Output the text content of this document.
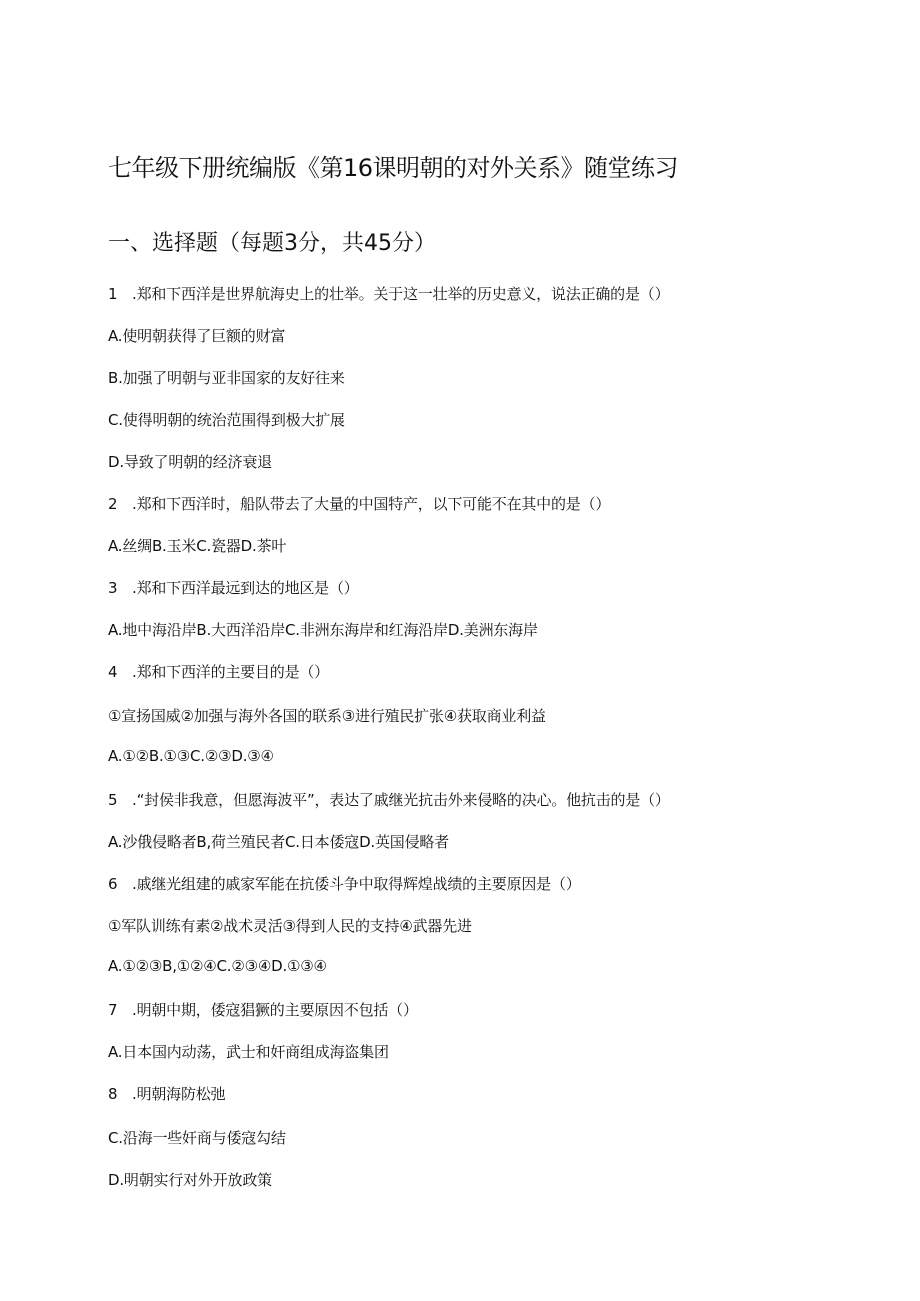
七年级下册统编版《第16课明朝的对外关系》随堂练习
一、选择题（每题3分，共45分）
1 .郑和下西洋是世界航海史上的壮举。关于这一壮举的历史意义，说法正确的是（）
A.使明朝获得了巨额的财富
B.加强了明朝与亚非国家的友好往来
C.使得明朝的统治范围得到极大扩展
D.导致了明朝的经济衰退
2 .郑和下西洋时，船队带去了大量的中国特产，以下可能不在其中的是（）
A.丝绸B.玉米C.瓷器D.茶叶
3 .郑和下西洋最远到达的地区是（）
A.地中海沿岸B.大西洋沿岸C.非洲东海岸和红海沿岸D.美洲东海岸
4 .郑和下西洋的主要目的是（）
①宣扬国威②加强与海外各国的联系③进行殖民扩张④获取商业利益
A.①②B.①③C.②③D.③④
5 .“封侯非我意，但愿海波平”，表达了戚继光抗击外来侵略的决心。他抗击的是（）
A.沙俄侵略者B,荷兰殖民者C.日本倭寇D.英国侵略者
6 .戚继光组建的戚家军能在抗倭斗争中取得辉煌战绩的主要原因是（）
①军队训练有素②战术灵活③得到人民的支持④武器先进
A.①②③B,①②④C.②③④D.①③④
7 .明朝中期，倭寇猖獗的主要原因不包括（）
A.日本国内动荡，武士和奸商组成海盗集团
8 .明朝海防松弛
C.沿海一些奸商与倭寇勾结
D.明朝实行对外开放政策
